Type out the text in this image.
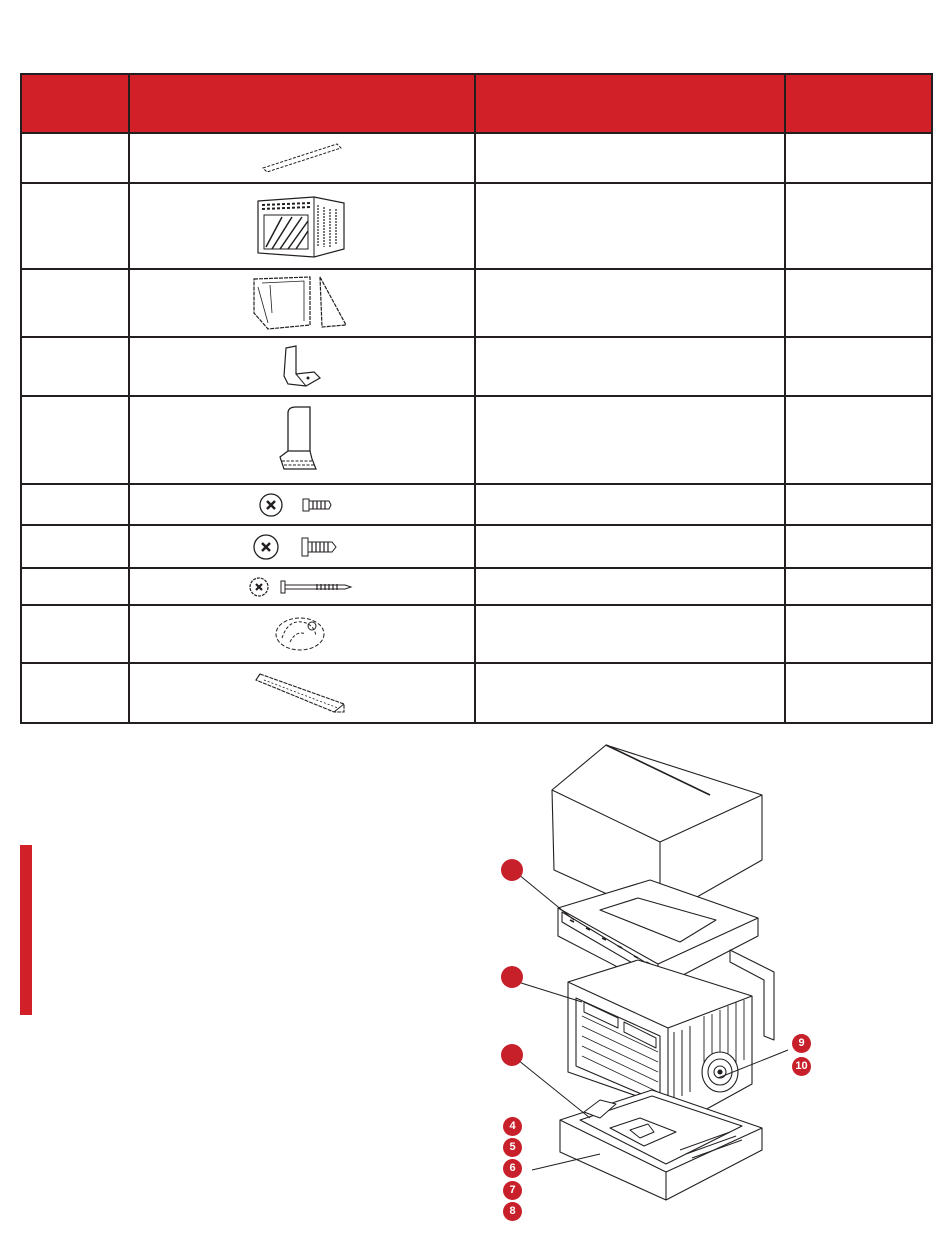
4
5
6
7
8
9
10
